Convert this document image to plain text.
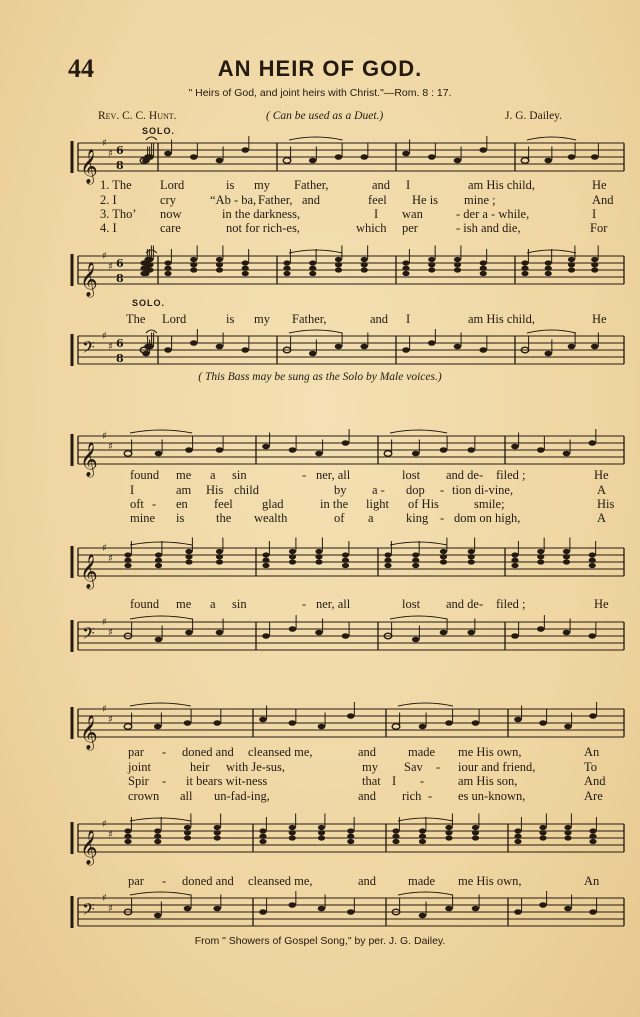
44	AN HEIR OF GOD.
" Heirs of God, and joint heirs with Christ."—Rom. 8 : 17.
Rev. C. C. Hunt.	( Can be used as a Duet.)	J. G. Dailey.
SOLO.
𝄞
♯
♯ 6
8
1. The Lord	is my Father,	and I	am His child,	He
2. I	cry	“Ab - ba, Father, and	feel He is mine ;	And
3. Tho’ now	in the darkness,	I wan	- der a - while,	I
4. I	care	not for rich-es,	which per	- ish and die,	For
𝄞
♯
♯ 6
8
SOLO.
The Lord	is my Father,	and I	am His child,	He
𝄢
♯
♯ 6
8
( This Bass may be sung as the Solo by Male voices.)
𝄞
♯
♯
found me a sin	- ner, all	lost and de- filed ;	He
I	am His child	by a - dop - tion di-vine,	A
oft - en feel glad	in the light of His	smile;	His
mine is	the wealth	of a	king - dom on high,	A
𝄞
♯
♯
found me a sin	- ner, all	lost and de- filed ;	He
𝄢
♯
♯
𝄞
♯
♯
par - doned and cleansed me,	and	made me His own,	An
joint	heir with Je-sus,	my Sav - iour and friend,	To
Spir - it bears wit-ness	that I -	am His son,	And
crown all un-fad-ing,	and rich - es un-known,	Are
𝄞
♯
♯
par - doned and cleansed me,	and	made me His own,	An
𝄢
♯
♯
From " Showers of Gospel Song," by per. J. G. Dailey.
